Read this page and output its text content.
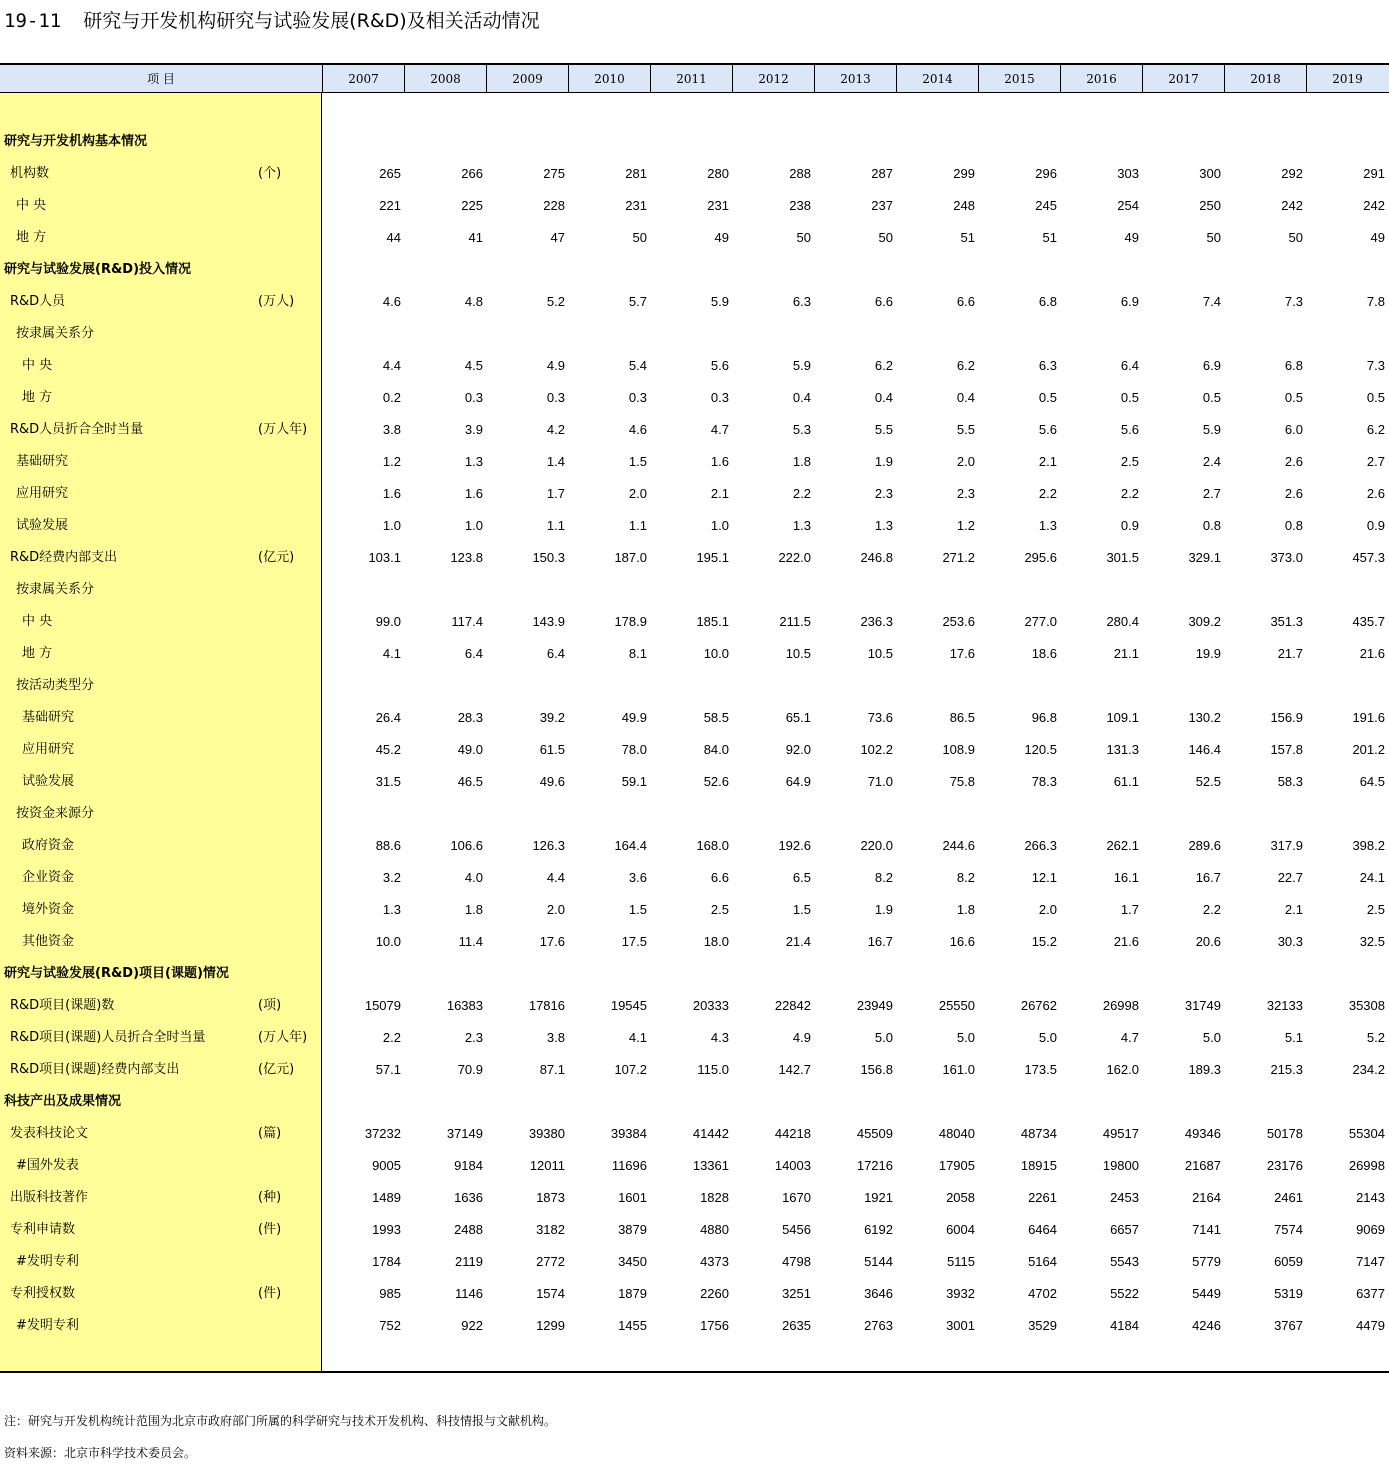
19-11 研究与开发机构研究与试验发展(R&D)及相关活动情况
项 目	2007	2008	2009	2010	2011	2012	2013	2014	2015	2016	2017	2018	2019
研究与开发机构基本情况
机构数	(个)	265	266	275	281	280	288	287	299	296	303	300	292	291
中 央	221	225	228	231	231	238	237	248	245	254	250	242	242
地 方	44	41	47	50	49	50	50	51	51	49	50	50	49
研究与试验发展(R&D)投入情况
R&D人员	(万人)	4.6	4.8	5.2	5.7	5.9	6.3	6.6	6.6	6.8	6.9	7.4	7.3	7.8
按隶属关系分
中 央	4.4	4.5	4.9	5.4	5.6	5.9	6.2	6.2	6.3	6.4	6.9	6.8	7.3
地 方	0.2	0.3	0.3	0.3	0.3	0.4	0.4	0.4	0.5	0.5	0.5	0.5	0.5
R&D人员折合全时当量	(万人年)	3.8	3.9	4.2	4.6	4.7	5.3	5.5	5.5	5.6	5.6	5.9	6.0	6.2
基础研究	1.2	1.3	1.4	1.5	1.6	1.8	1.9	2.0	2.1	2.5	2.4	2.6	2.7
应用研究	1.6	1.6	1.7	2.0	2.1	2.2	2.3	2.3	2.2	2.2	2.7	2.6	2.6
试验发展	1.0	1.0	1.1	1.1	1.0	1.3	1.3	1.2	1.3	0.9	0.8	0.8	0.9
R&D经费内部支出	(亿元)	103.1	123.8	150.3	187.0	195.1	222.0	246.8	271.2	295.6	301.5	329.1	373.0	457.3
按隶属关系分
中 央	99.0	117.4	143.9	178.9	185.1	211.5	236.3	253.6	277.0	280.4	309.2	351.3	435.7
地 方	4.1	6.4	6.4	8.1	10.0	10.5	10.5	17.6	18.6	21.1	19.9	21.7	21.6
按活动类型分
基础研究	26.4	28.3	39.2	49.9	58.5	65.1	73.6	86.5	96.8	109.1	130.2	156.9	191.6
应用研究	45.2	49.0	61.5	78.0	84.0	92.0	102.2	108.9	120.5	131.3	146.4	157.8	201.2
试验发展	31.5	46.5	49.6	59.1	52.6	64.9	71.0	75.8	78.3	61.1	52.5	58.3	64.5
按资金来源分
政府资金	88.6	106.6	126.3	164.4	168.0	192.6	220.0	244.6	266.3	262.1	289.6	317.9	398.2
企业资金	3.2	4.0	4.4	3.6	6.6	6.5	8.2	8.2	12.1	16.1	16.7	22.7	24.1
境外资金	1.3	1.8	2.0	1.5	2.5	1.5	1.9	1.8	2.0	1.7	2.2	2.1	2.5
其他资金	10.0	11.4	17.6	17.5	18.0	21.4	16.7	16.6	15.2	21.6	20.6	30.3	32.5
研究与试验发展(R&D)项目(课题)情况
R&D项目(课题)数	(项)	15079	16383	17816	19545	20333	22842	23949	25550	26762	26998	31749	32133	35308
R&D项目(课题)人员折合全时当量	(万人年)	2.2	2.3	3.8	4.1	4.3	4.9	5.0	5.0	5.0	4.7	5.0	5.1	5.2
R&D项目(课题)经费内部支出	(亿元)	57.1	70.9	87.1	107.2	115.0	142.7	156.8	161.0	173.5	162.0	189.3	215.3	234.2
科技产出及成果情况
发表科技论文	(篇)	37232	37149	39380	39384	41442	44218	45509	48040	48734	49517	49346	50178	55304
#国外发表	9005	9184	12011	11696	13361	14003	17216	17905	18915	19800	21687	23176	26998
出版科技著作	(种)	1489	1636	1873	1601	1828	1670	1921	2058	2261	2453	2164	2461	2143
专利申请数	(件)	1993	2488	3182	3879	4880	5456	6192	6004	6464	6657	7141	7574	9069
#发明专利	1784	2119	2772	3450	4373	4798	5144	5115	5164	5543	5779	6059	7147
专利授权数	(件)	985	1146	1574	1879	2260	3251	3646	3932	4702	5522	5449	5319	6377
#发明专利	752	922	1299	1455	1756	2635	2763	3001	3529	4184	4246	3767	4479
注：研究与开发机构统计范围为北京市政府部门所属的科学研究与技术开发机构、科技情报与文献机构。
资料来源：北京市科学技术委员会。
